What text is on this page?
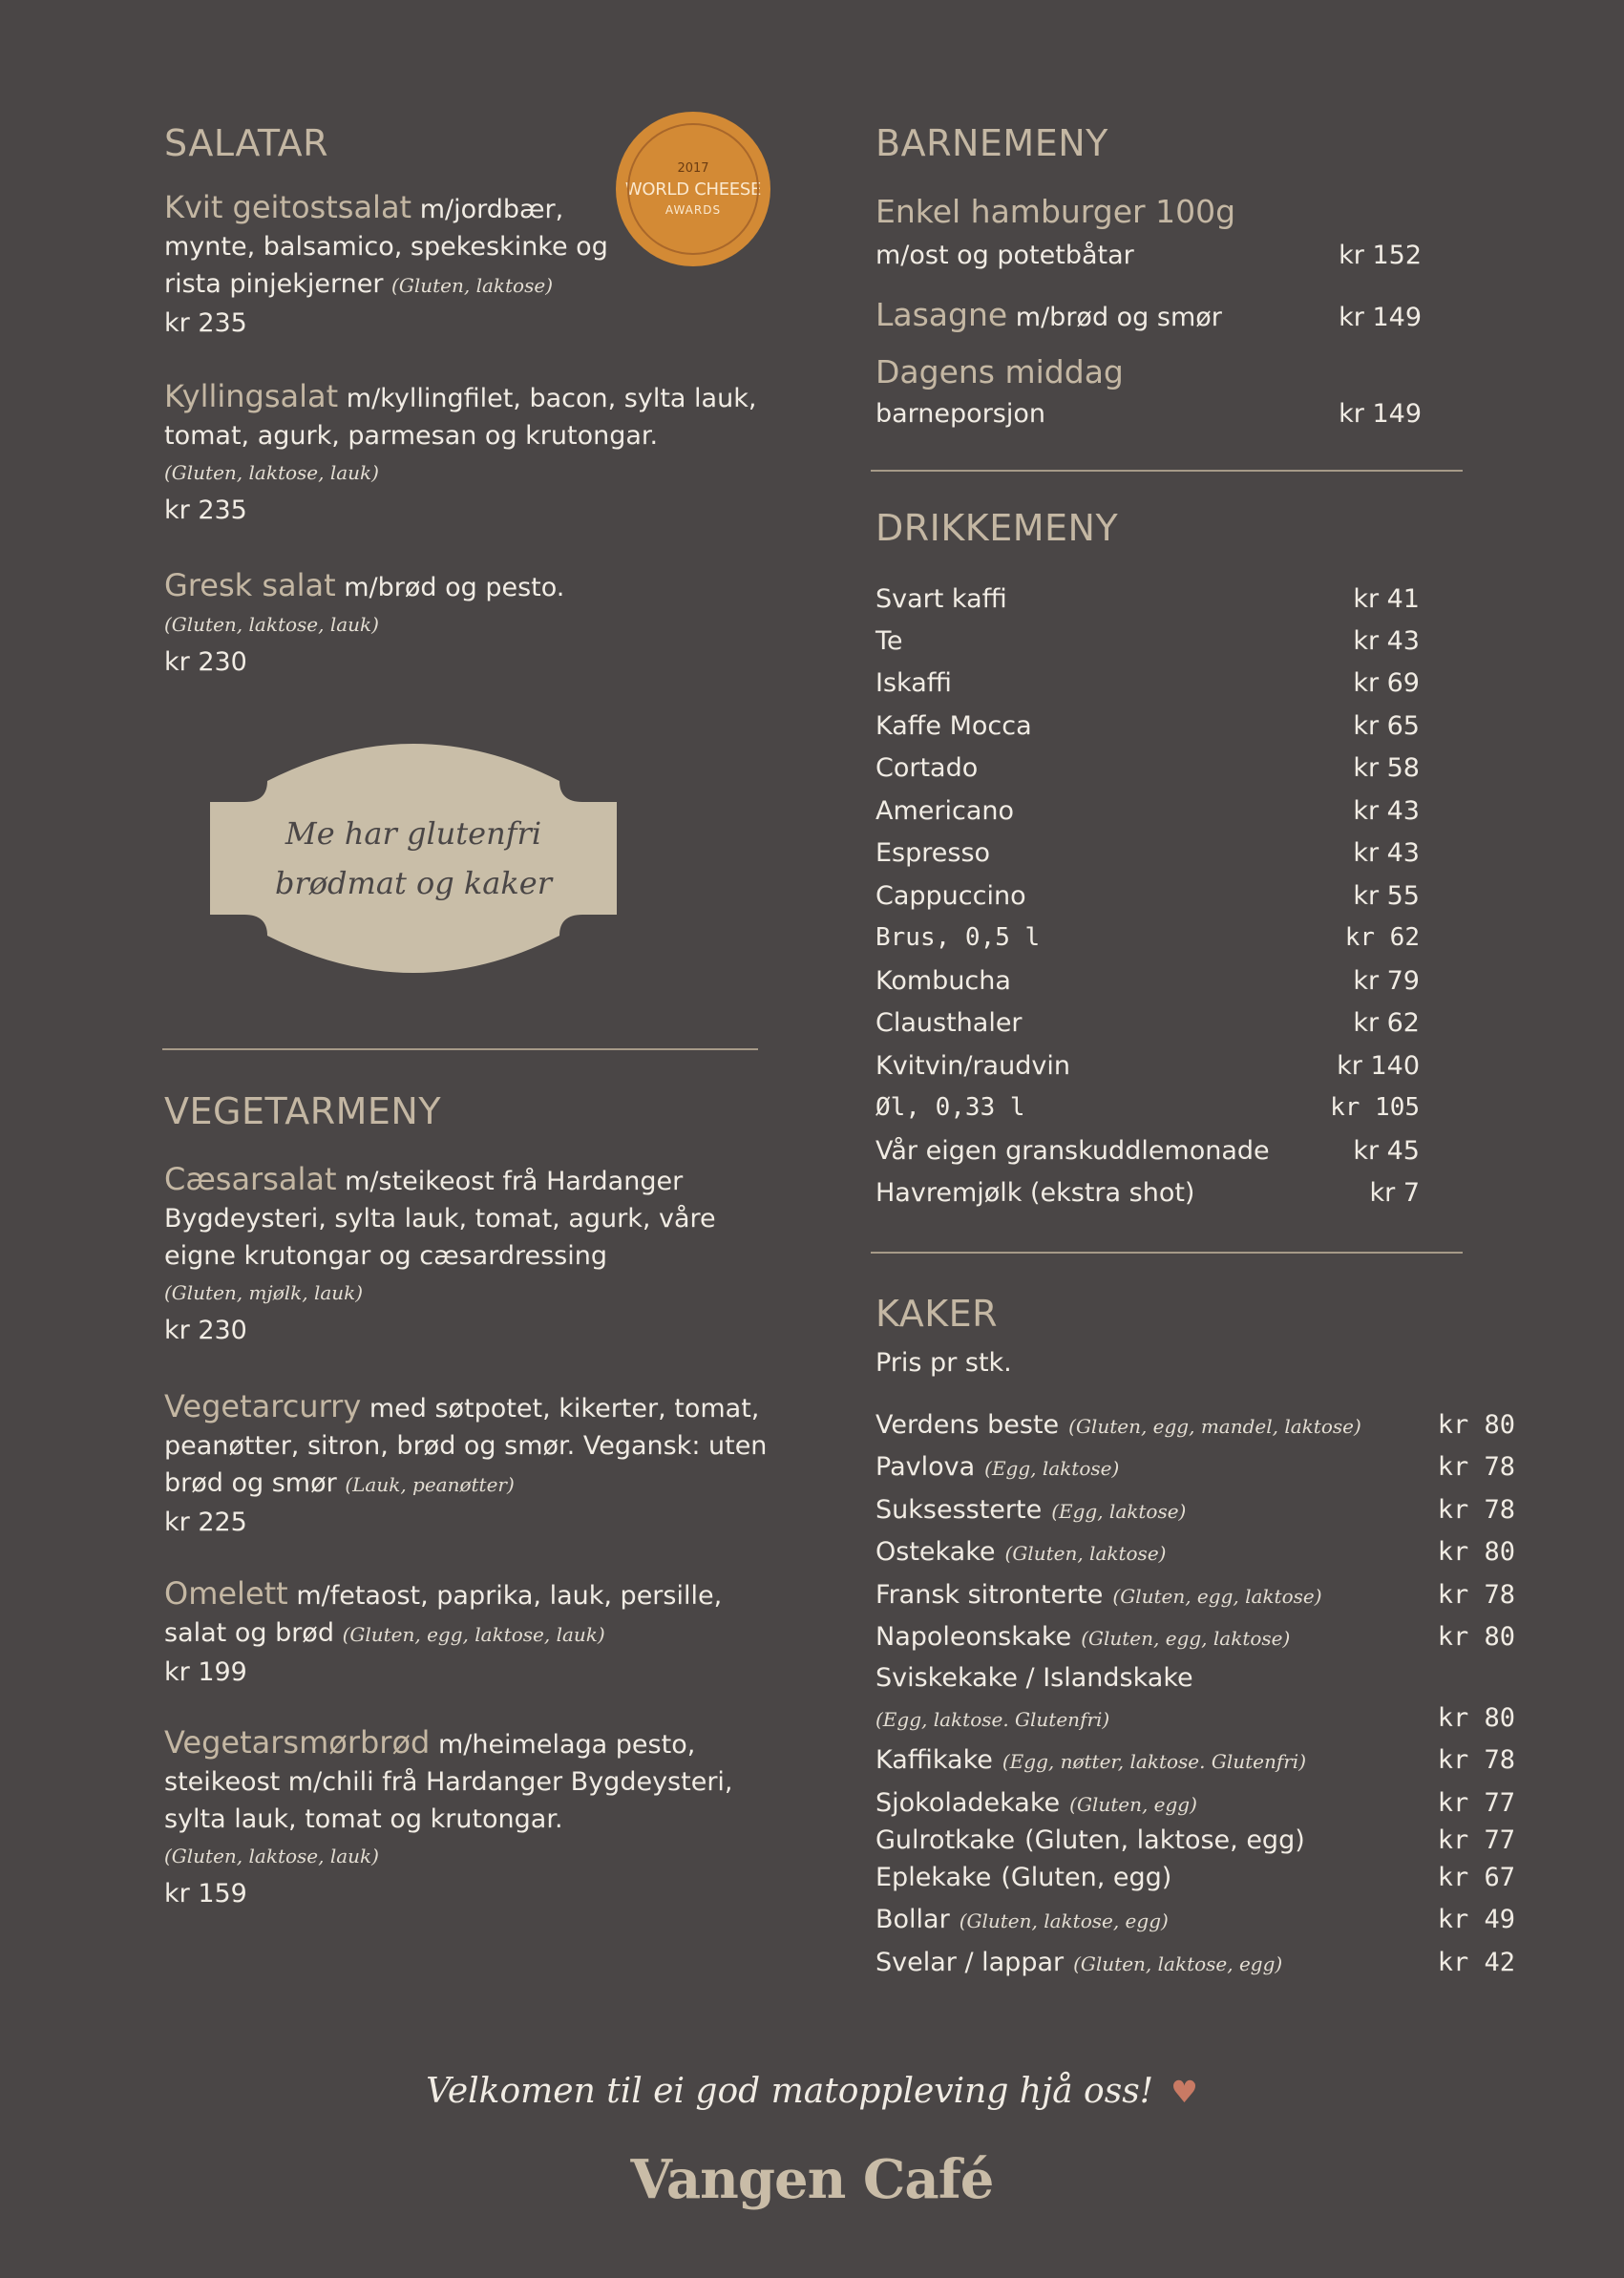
SALATAR

Kvit geitostsalat m/jordbær, mynte, balsamico, spekeskinke og rista pinjekjerner (Gluten, laktose)

kr 235

Kyllingsalat m/kyllingfilet, bacon, sylta lauk, tomat, agurk, parmesan og krutongar.

(Gluten, laktose, lauk)

kr 235

Gresk salat m/brød og pesto.

(Gluten, laktose, lauk)

kr 230

VEGETARMENY

Cæsarsalat m/steikeost frå Hardanger Bygdeysteri, sylta lauk, tomat, agurk, våre eigne krutongar og cæsardressing

(Gluten, mjølk, lauk)

kr 230

Vegetarcurry med søtpotet, kikerter, tomat, peanøtter, sitron, brød og smør. Vegansk: uten brød og smør (Lauk, peanøtter)

kr 225

Omelett m/fetaost, paprika, lauk, persille, salat og brød (Gluten, egg, laktose, lauk)

kr 199

Vegetarsmørbrød m/heimelaga pesto, steikeost m/chili frå Hardanger Bygdeysteri, sylta lauk, tomat og krutongar.

(Gluten, laktose, lauk)

kr 159

2017
WORLD CHEESE
AWARDS
Me har glutenfri
brødmat og kaker
BARNEMENY
Enkel hamburger 100g
m/ost og potetbåtar	kr 152
Lasagne m/brød og smør	kr 149
Dagens middag
barneporsjon	kr 149
DRIKKEMENY
Svart kaffi	kr 41
Te	kr 43
Iskaffi	kr 69
Kaffe Mocca	kr 65
Cortado	kr 58
Americano	kr 43
Espresso	kr 43
Cappuccino	kr 55
Brus, 0,5 l	kr 62
Kombucha	kr 79
Clausthaler	kr 62
Kvitvin/raudvin	kr 140
Øl, 0,33 l	kr 105
Vår eigen granskuddlemonade	kr 45
Havremjølk (ekstra shot)	kr 7
KAKER
Pris pr stk.
Verdens beste (Gluten, egg, mandel, laktose)	kr 80
Pavlova (Egg, laktose)	kr 78
Suksessterte (Egg, laktose)	kr 78
Ostekake (Gluten, laktose)	kr 80
Fransk sitronterte (Gluten, egg, laktose)	kr 78
Napoleonskake (Gluten, egg, laktose)	kr 80
Sviskekake / Islandskake
(Egg, laktose. Glutenfri)	kr 80
Kaffikake (Egg, nøtter, laktose. Glutenfri)	kr 78
Sjokoladekake (Gluten, egg)	kr 77
Gulrotkake (Gluten, laktose, egg)	kr 77
Eplekake (Gluten, egg)	kr 67
Bollar (Gluten, laktose, egg)	kr 49
Svelar / lappar (Gluten, laktose, egg)	kr 42
Velkomen til ei god matoppleving hjå oss! ♥
Vangen Café
